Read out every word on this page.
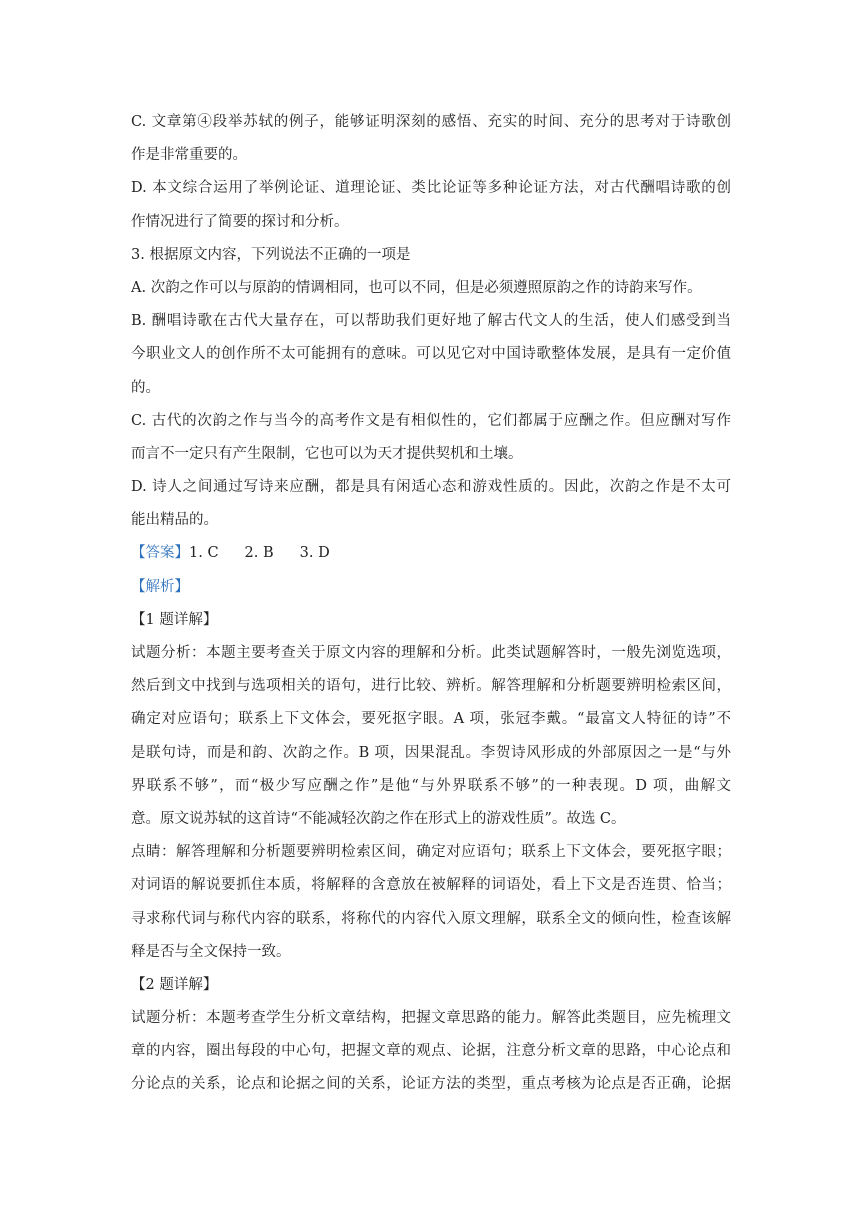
C. 文章第④段举苏轼的例子，能够证明深刻的感悟、充实的时间、充分的思考对于诗歌创
作是非常重要的。
D. 本文综合运用了举例论证、道理论证、类比论证等多种论证方法，对古代酬唱诗歌的创
作情况进行了简要的探讨和分析。
3. 根据原文内容，下列说法不正确的一项是
A. 次韵之作可以与原韵的情调相同，也可以不同，但是必须遵照原韵之作的诗韵来写作。
B. 酬唱诗歌在古代大量存在，可以帮助我们更好地了解古代文人的生活，使人们感受到当
今职业文人的创作所不太可能拥有的意味。可以见它对中国诗歌整体发展，是具有一定价值
的。
C. 古代的次韵之作与当今的高考作文是有相似性的，它们都属于应酬之作。但应酬对写作
而言不一定只有产生限制，它也可以为天才提供契机和土壤。
D. 诗人之间通过写诗来应酬，都是具有闲适心态和游戏性质的。因此，次韵之作是不太可
能出精品的。
【答案】1. C 2. B 3. D
【解析】
【1 题详解】
试题分析：本题主要考查关于原文内容的理解和分析。此类试题解答时，一般先浏览选项，
然后到文中找到与选项相关的语句，进行比较、辨析。解答理解和分析题要辨明检索区间，
确定对应语句；联系上下文体会，要死抠字眼。A 项，张冠李戴。“最富文人特征的诗”不
是联句诗，而是和韵、次韵之作。B 项，因果混乱。李贺诗风形成的外部原因之一是“与外
界联系不够”，而“极少写应酬之作”是他“与外界联系不够”的一种表现。D 项，曲解文
意。原文说苏轼的这首诗“不能减轻次韵之作在形式上的游戏性质”。故选 C。
点睛：解答理解和分析题要辨明检索区间，确定对应语句；联系上下文体会，要死抠字眼；
对词语的解说要抓住本质，将解释的含意放在被解释的词语处，看上下文是否连贯、恰当；
寻求称代词与称代内容的联系，将称代的内容代入原文理解，联系全文的倾向性，检查该解
释是否与全文保持一致。
【2 题详解】
试题分析：本题考查学生分析文章结构，把握文章思路的能力。解答此类题目，应先梳理文
章的内容，圈出每段的中心句，把握文章的观点、论据，注意分析文章的思路，中心论点和
分论点的关系，论点和论据之间的关系，论证方法的类型，重点考核为论点是否正确，论据
